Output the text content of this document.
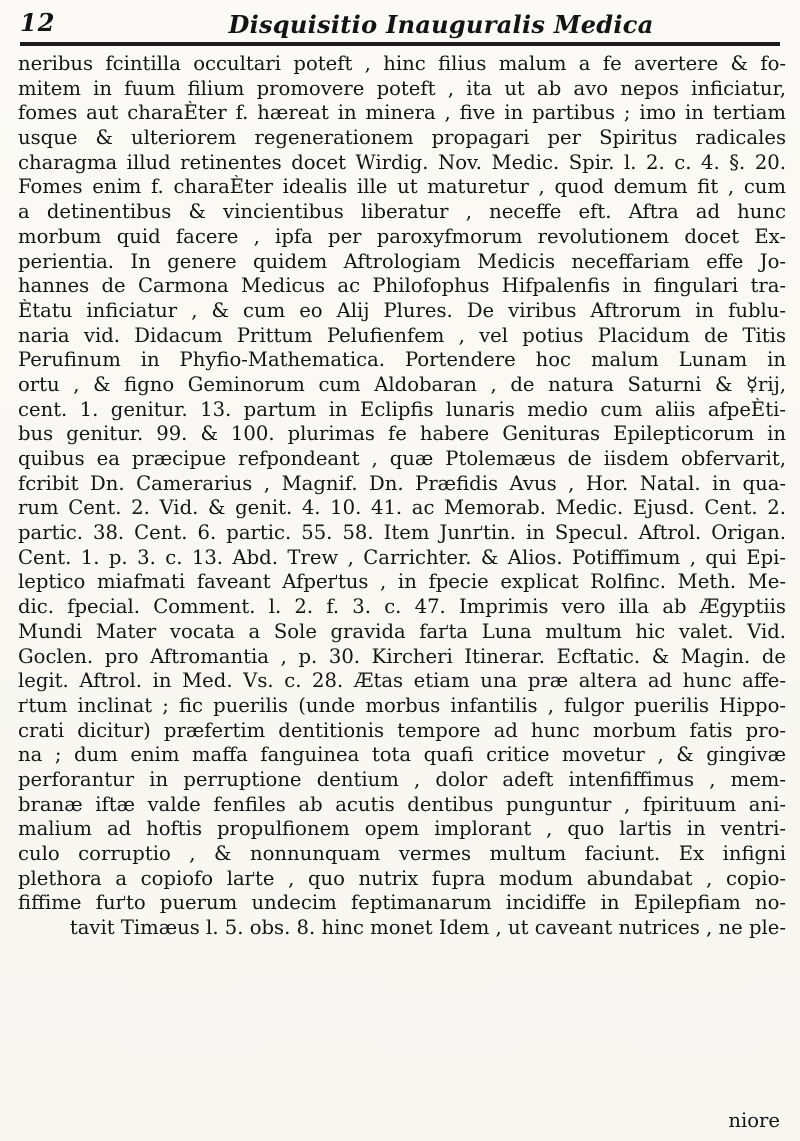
12	Disquisitio Inauguralis Medica
neribus fcintilla occultari poteft , hinc filius malum a fe avertere & fo-
mitem in fuum filium promovere poteft , ita ut ab avo nepos inficiatur,
fomes aut charaЀter f. hæreat in minera , five in partibus ; imo in tertiam
usque & ulteriorem regenerationem propagari per Spiritus radicales
charagma illud retinentes docet Wirdig. Nov. Medic. Spir. l. 2. c. 4. §. 20.
Fomes enim f. charaЀter idealis ille ut maturetur , quod demum fit , cum
a detinentibus & vincientibus liberatur , neceffe eft. Aftra ad hunc
morbum quid facere , ipfa per paroxyfmorum revolutionem docet Ex-
perientia. In genere quidem Aftrologiam Medicis neceffariam effe Jo-
hannes de Carmona Medicus ac Philofophus Hifpalenfis in fingulari tra-
Ѐtatu inficiatur , & cum eo Alij Plures. De viribus Aftrorum in fublu-
naria vid. Didacum Prittum Pelufienfem , vel potius Placidum de Titis
Perufinum in Phyfio-Mathematica. Portendere hoc malum Lunam in
ortu , & figno Geminorum cum Aldobaran , de natura Saturni & ☿rij,
cent. 1. genitur. 13. partum in Eclipfis lunaris medio cum aliis afpeЀti-
bus genitur. 99. & 100. plurimas fe habere Genituras Epilepticorum in
quibus ea præcipue refpondeant , quæ Ptolemæus de iisdem obfervarit,
fcribit Dn. Camerarius , Magnif. Dn. Præfidis Avus , Hor. Natal. in qua-
rum Cent. 2. Vid. & genit. 4. 10. 41. ac Memorab. Medic. Ejusd. Cent. 2.
partic. 38. Cent. 6. partic. 55. 58. Item Junґtin. in Specul. Aftrol. Origan.
Cent. 1. p. 3. c. 13. Abd. Trew , Carrichter. & Alios. Potiffimum , qui Epi-
leptico miafmati faveant Afpeґtus , in fpecie explicat Rolfinc. Meth. Me-
dic. fpecial. Comment. l. 2. f. 3. c. 47. Imprimis vero illa ab Ægyptiis
Mundi Mater vocata a Sole gravida faґta Luna multum hic valet. Vid.
Goclen. pro Aftromantia , p. 30. Kircheri Itinerar. Ecftatic. & Magin. de
legit. Aftrol. in Med. Vs. c. 28. Ætas etiam una præ altera ad hunc affe-
ґtum inclinat ; fic puerilis (unde morbus infantilis , fulgor puerilis Hippo-
crati dicitur) præfertim dentitionis tempore ad hunc morbum fatis pro-
na ; dum enim maffa fanguinea tota quafi critice movetur , & gingivæ
perforantur in perruptione dentium , dolor adeft intenfiffimus , mem-
branæ iftæ valde fenfiles ab acutis dentibus punguntur , fpirituum ani-
malium ad hoftis propulfionem opem implorant , quo laґtis in ventri-
culo corruptio , & nonnunquam vermes multum faciunt. Ex infigni
plethora a copiofo laґte , quo nutrix fupra modum abundabat , copio-
fiffime fuґto puerum undecim feptimanarum incidiffe in Epilepfiam no-
tavit Timæus l. 5. obs. 8. hinc monet Idem , ut caveant nutrices , ne ple-
niore
